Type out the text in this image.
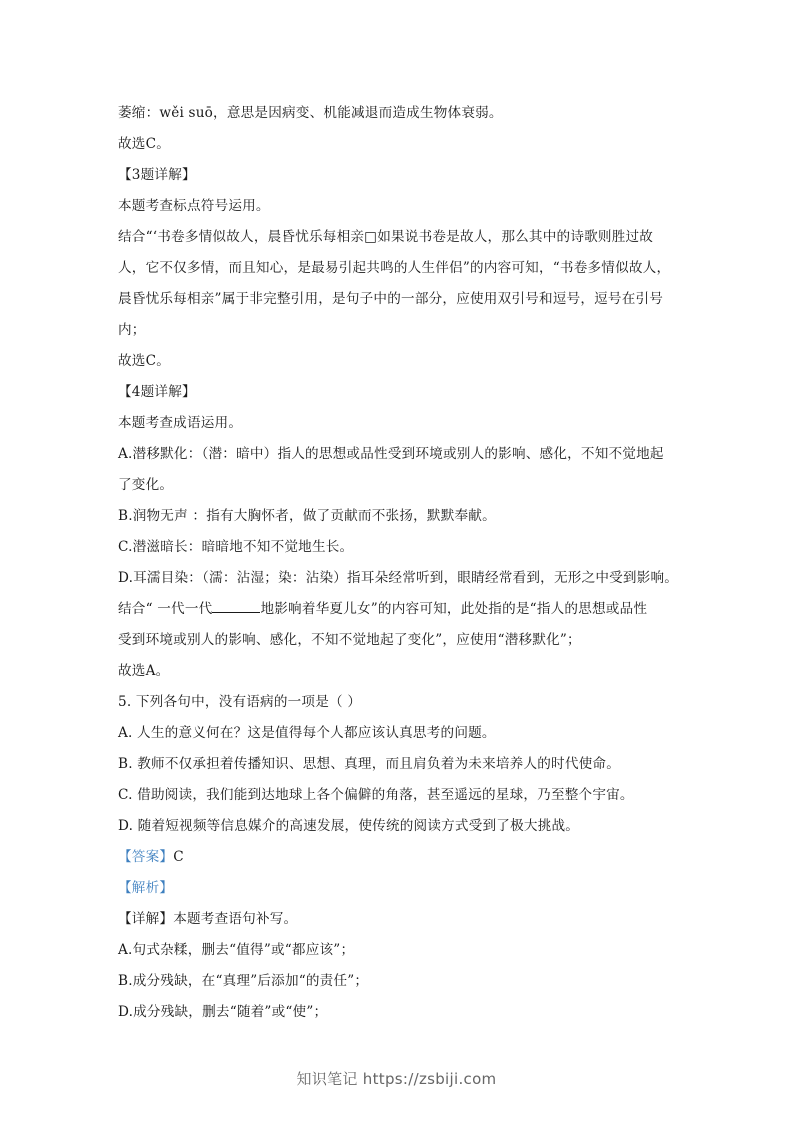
萎缩：wěi suō，意思是因病变、机能减退而造成生物体衰弱。
故选C。
【3题详解】
本题考查标点符号运用。
结合“‘书卷多情似故人，晨昏忧乐每相亲□如果说书卷是故人，那么其中的诗歌则胜过故
人，它不仅多情，而且知心，是最易引起共鸣的人生伴侣”的内容可知，“书卷多情似故人，
晨昏忧乐每相亲”属于非完整引用，是句子中的一部分，应使用双引号和逗号，逗号在引号
内；
故选C。
【4题详解】
本题考查成语运用。
A.潜移默化：（潜：暗中）指人的思想或品性受到环境或别人的影响、感化，不知不觉地起
了变化。
B.润物无声 ：指有大胸怀者，做了贡献而不张扬，默默奉献。
C.潜滋暗长：暗暗地不知不觉地生长。
D.耳濡目染：（濡：沾湿；染：沾染）指耳朵经常听到，眼睛经常看到，无形之中受到影响。
结合“ 一代一代	地影响着华夏儿女”的内容可知，此处指的是“指人的思想或品性
受到环境或别人的影响、感化，不知不觉地起了变化”，应使用“潜移默化”；
故选A。
5. 下列各句中，没有语病的一项是（ ）
A. 人生的意义何在？这是值得每个人都应该认真思考的问题。
B. 教师不仅承担着传播知识、思想、真理，而且肩负着为未来培养人的时代使命。
C. 借助阅读，我们能到达地球上各个偏僻的角落，甚至遥远的星球，乃至整个宇宙。
D. 随着短视频等信息媒介的高速发展，使传统的阅读方式受到了极大挑战。
【答案】C
【解析】
【详解】本题考查语句补写。
A.句式杂糅，删去“值得”或“都应该”；
B.成分残缺，在“真理”后添加“的责任”；
D.成分残缺，删去“随着”或“使”；
知识笔记 https://zsbiji.com
